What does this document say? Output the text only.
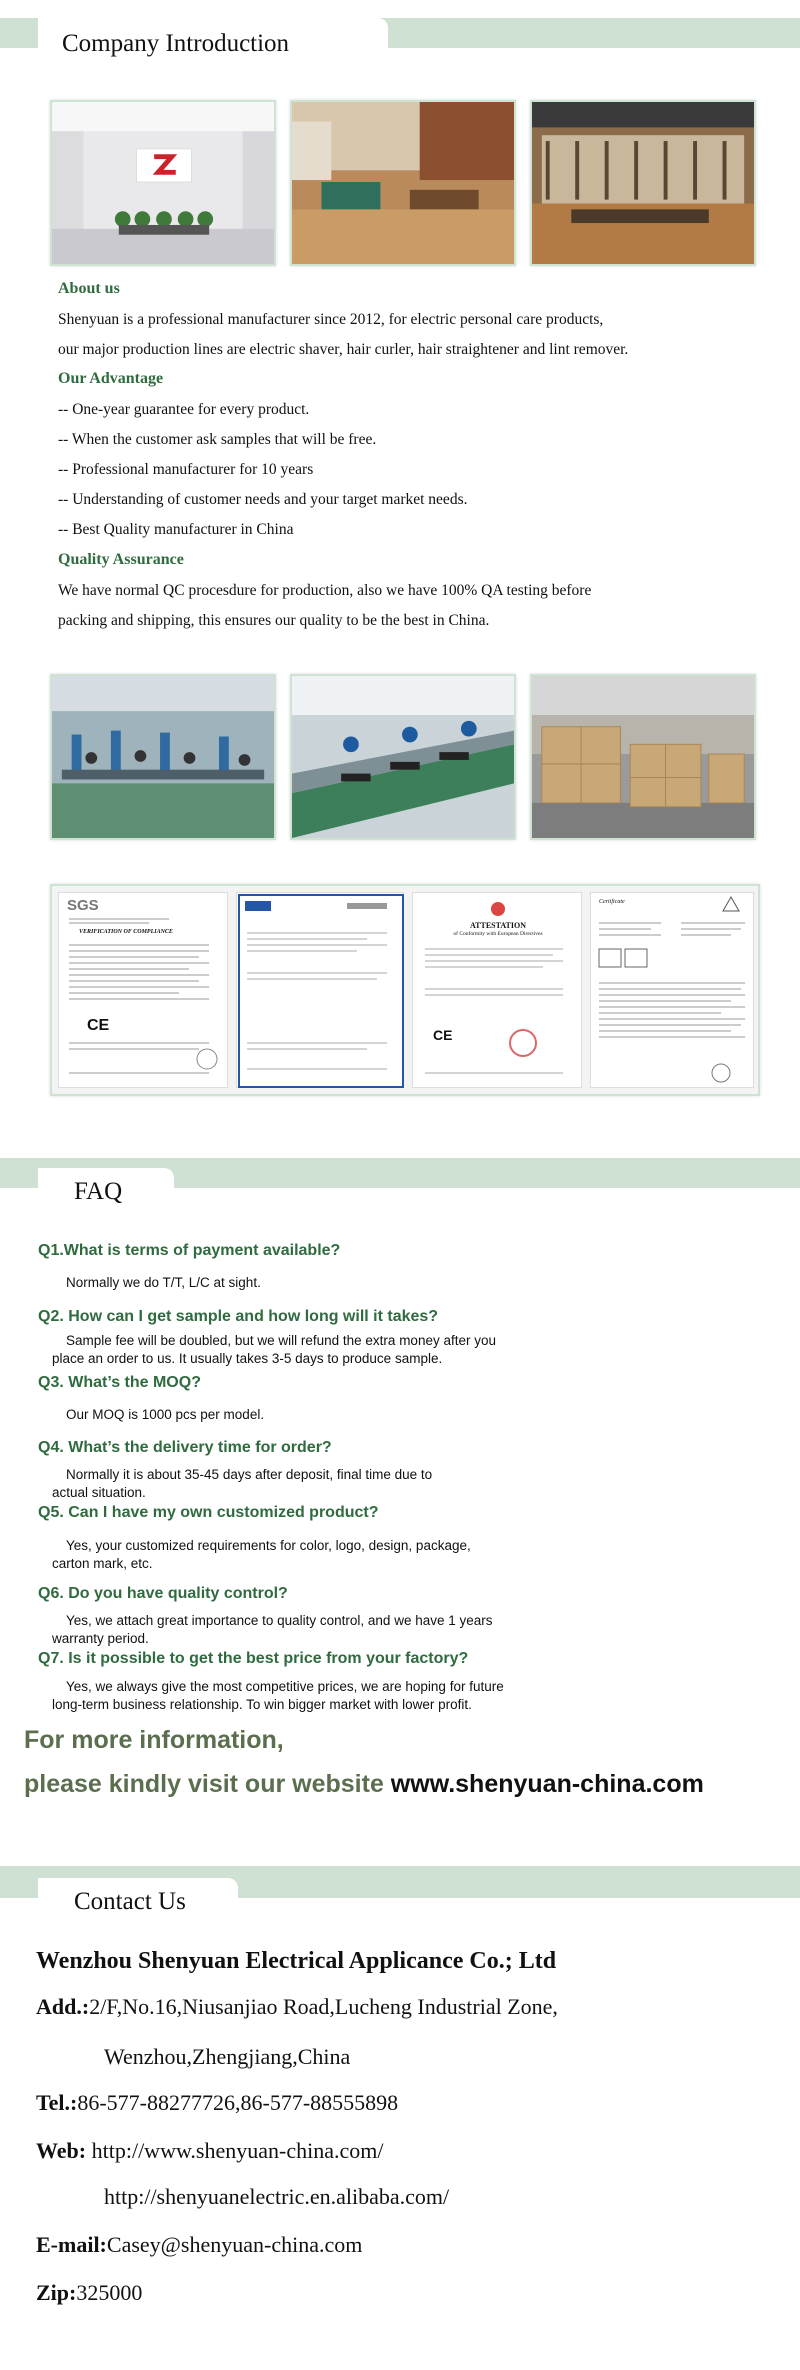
Company Introduction
About us
Shenyuan is a professional manufacturer since 2012, for electric personal care products,
our major production lines are electric shaver, hair curler, hair straightener and lint remover.
Our Advantage
-- One-year guarantee for every product.
-- When the customer ask samples that will be free.
-- Professional manufacturer for 10 years
-- Understanding of customer needs and your target market needs.
-- Best Quality manufacturer in China
Quality Assurance
We have normal QC procesdure for production, also we have 100% QA testing before
packing and shipping, this ensures our quality to be the best in China.
SGS
VERIFICATION OF COMPLIANCE
CE
ATTESTATION
of Conformity with European Directives
CE
Certificate
FAQ
Q1.What is terms of payment available?
Normally we do T/T, L/C at sight.
Q2. How can I get sample and how long will it takes?
Sample fee will be doubled, but we will refund the extra money after you
place an order to us. It usually takes 3-5 days to produce sample.
Q3. What’s the MOQ?
Our MOQ is 1000 pcs per model.
Q4. What’s the delivery time for order?
Normally it is about 35-45 days after deposit, final time due to
actual situation.
Q5. Can I have my own customized product?
Yes, your customized requirements for color, logo, design, package,
carton mark, etc.
Q6. Do you have quality control?
Yes, we attach great importance to quality control, and we have 1 years
warranty period.
Q7. Is it possible to get the best price from your factory?
Yes, we always give the most competitive prices, we are hoping for future
long-term business relationship. To win bigger market with lower profit.
For more information,
please kindly visit our website www.shenyuan-china.com
Contact Us
Wenzhou Shenyuan Electrical Applicance Co.; Ltd
Add.:2/F,No.16,Niusanjiao Road,Lucheng Industrial Zone,
Wenzhou,Zhengjiang,China
Tel.:86-577-88277726,86-577-88555898
Web: http://www.shenyuan-china.com/
http://shenyuanelectric.en.alibaba.com/
E-mail:Casey@shenyuan-china.com
Zip:325000
